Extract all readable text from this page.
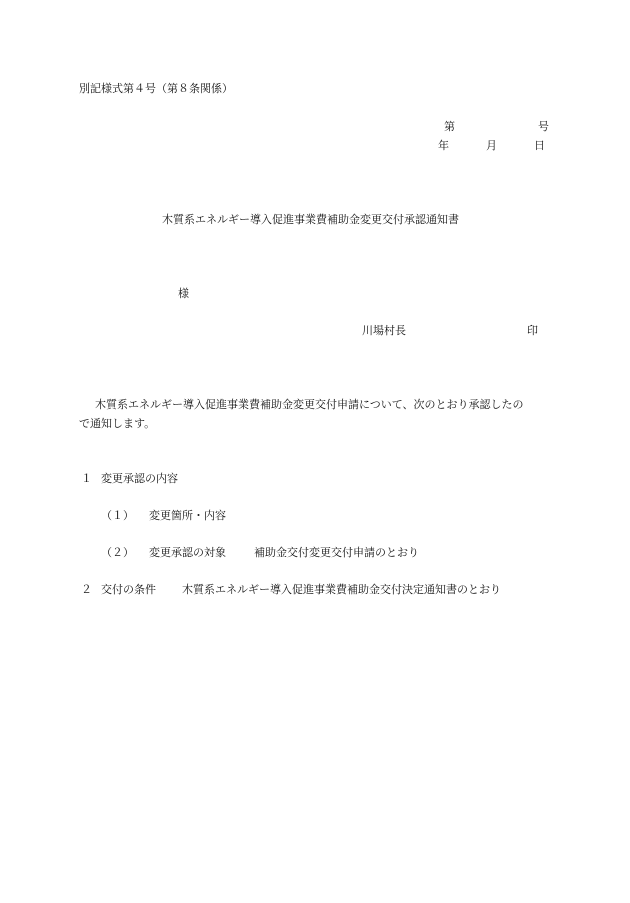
別記様式第４号（第８条関係）
第	号
年	月	日
木質系エネルギー導入促進事業費補助金変更交付承認通知書
様
川場村長	印
木質系エネルギー導入促進事業費補助金変更交付申請について、次のとおり承認したの
で通知します。
１ 変更承認の内容
（１） 変更箇所・内容
（２） 変更承認の対象	補助金交付変更交付申請のとおり
２ 交付の条件 木質系エネルギー導入促進事業費補助金交付決定通知書のとおり
